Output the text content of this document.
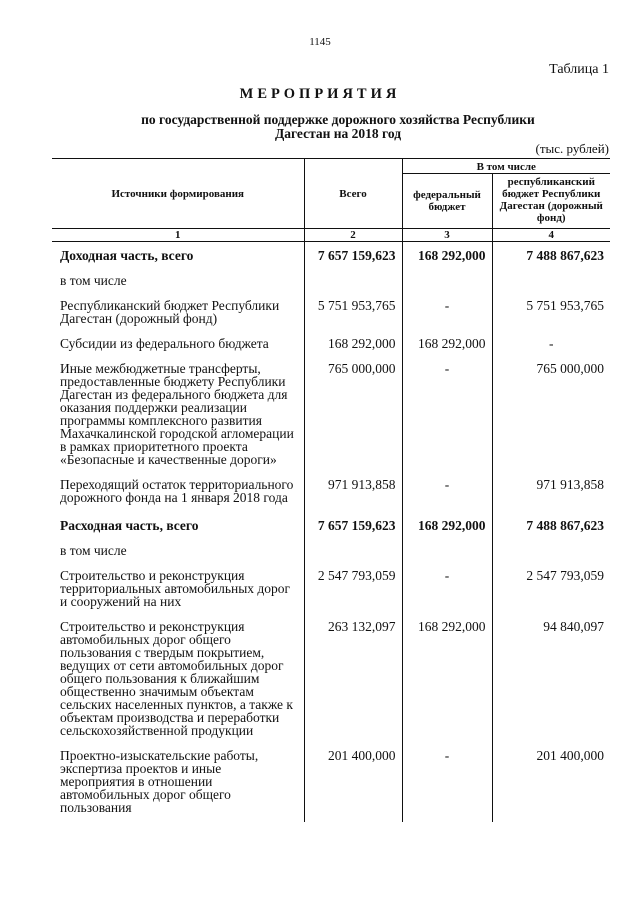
1145
Таблица 1
МЕРОПРИЯТИЯ
по государственной поддержке дорожного хозяйства Республики Дагестан на 2018 год
(тыс. рублей)
Источники формирования	Всего	В том числе	
		федеральный бюджет	республиканский бюджет Республики Дагестан (дорожный фонд)
1	2	3	4
Доходная часть, всего	7 657 159,623	168 292,000	7 488 867,623
в том числе			
Республиканский бюджет Республики Дагестан (дорожный фонд)	5 751 953,765	-	5 751 953,765
Субсидии из федерального бюджета	168 292,000	168 292,000	-
Иные межбюджетные трансферты, предоставленные бюджету Республики Дагестан из федерального бюджета для оказания поддержки реализации программы комплексного развития Махачкалинской городской агломерации в рамках приоритетного проекта «Безопасные и качественные дороги»	765 000,000	-	765 000,000
Переходящий остаток территориального дорожного фонда на 1 января 2018 года	971 913,858	-	971 913,858
Расходная часть, всего	7 657 159,623	168 292,000	7 488 867,623
в том числе			
Строительство и реконструкция территориальных автомобильных дорог и сооружений на них	2 547 793,059	-	2 547 793,059
Строительство и реконструкция автомобильных дорог общего пользования с твердым покрытием, ведущих от сети автомобильных дорог общего пользования к ближайшим общественно значимым объектам сельских населенных пунктов, а также к объектам производства и переработки сельскохозяйственной продукции	263 132,097	168 292,000	94 840,097
Проектно-изыскательские работы, экспертиза проектов и иные мероприятия в отношении автомобильных дорог общего пользования	201 400,000	-	201 400,000
